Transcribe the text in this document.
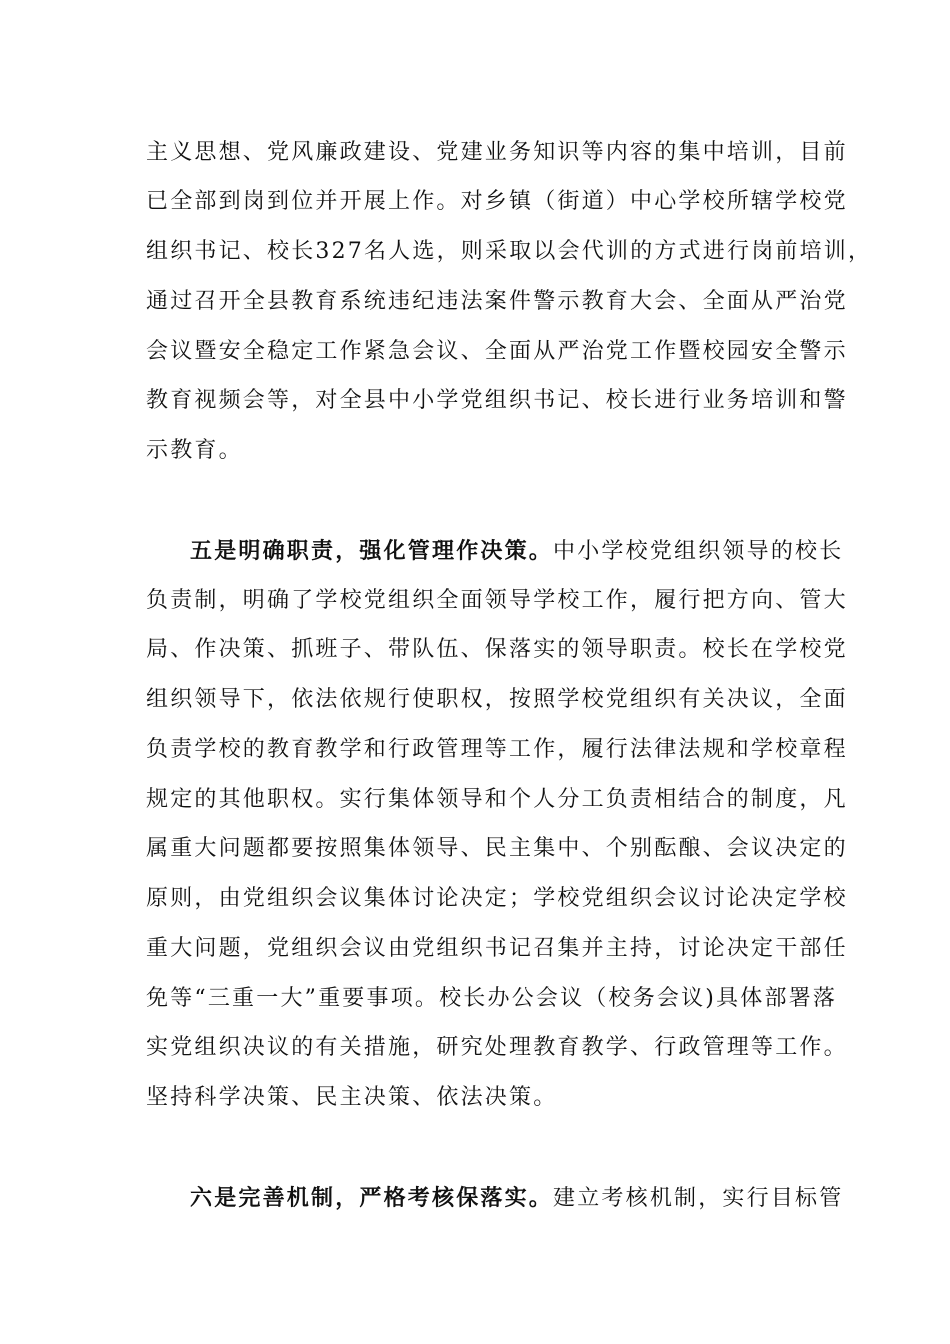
主义思想、党风廉政建设、党建业务知识等内容的集中培训，目前
已全部到岗到位并开展上作。对乡镇（街道）中心学校所辖学校党
组织书记、校长327名人选，则采取以会代训的方式进行岗前培训，
通过召开全县教育系统违纪违法案件警示教育大会、全面从严治党
会议暨安全稳定工作紧急会议、全面从严治党工作暨校园安全警示
教育视频会等，对全县中小学党组织书记、校长进行业务培训和警
示教育。
五是明确职责，强化管理作决策。中小学校党组织领导的校长
负责制，明确了学校党组织全面领导学校工作，履行把方向、管大
局、作决策、抓班子、带队伍、保落实的领导职责。校长在学校党
组织领导下，依法依规行使职权，按照学校党组织有关决议，全面
负责学校的教育教学和行政管理等工作，履行法律法规和学校章程
规定的其他职权。实行集体领导和个人分工负责相结合的制度，凡
属重大问题都要按照集体领导、民主集中、个别酝酿、会议决定的
原则，由党组织会议集体讨论决定；学校党组织会议讨论决定学校
重大问题，党组织会议由党组织书记召集并主持，讨论决定干部任
免等“三重一大”重要事项。校长办公会议（校务会议)具体部署落
实党组织决议的有关措施，研究处理教育教学、行政管理等工作。
坚持科学决策、民主决策、依法决策。
六是完善机制，严格考核保落实。建立考核机制，实行目标管
